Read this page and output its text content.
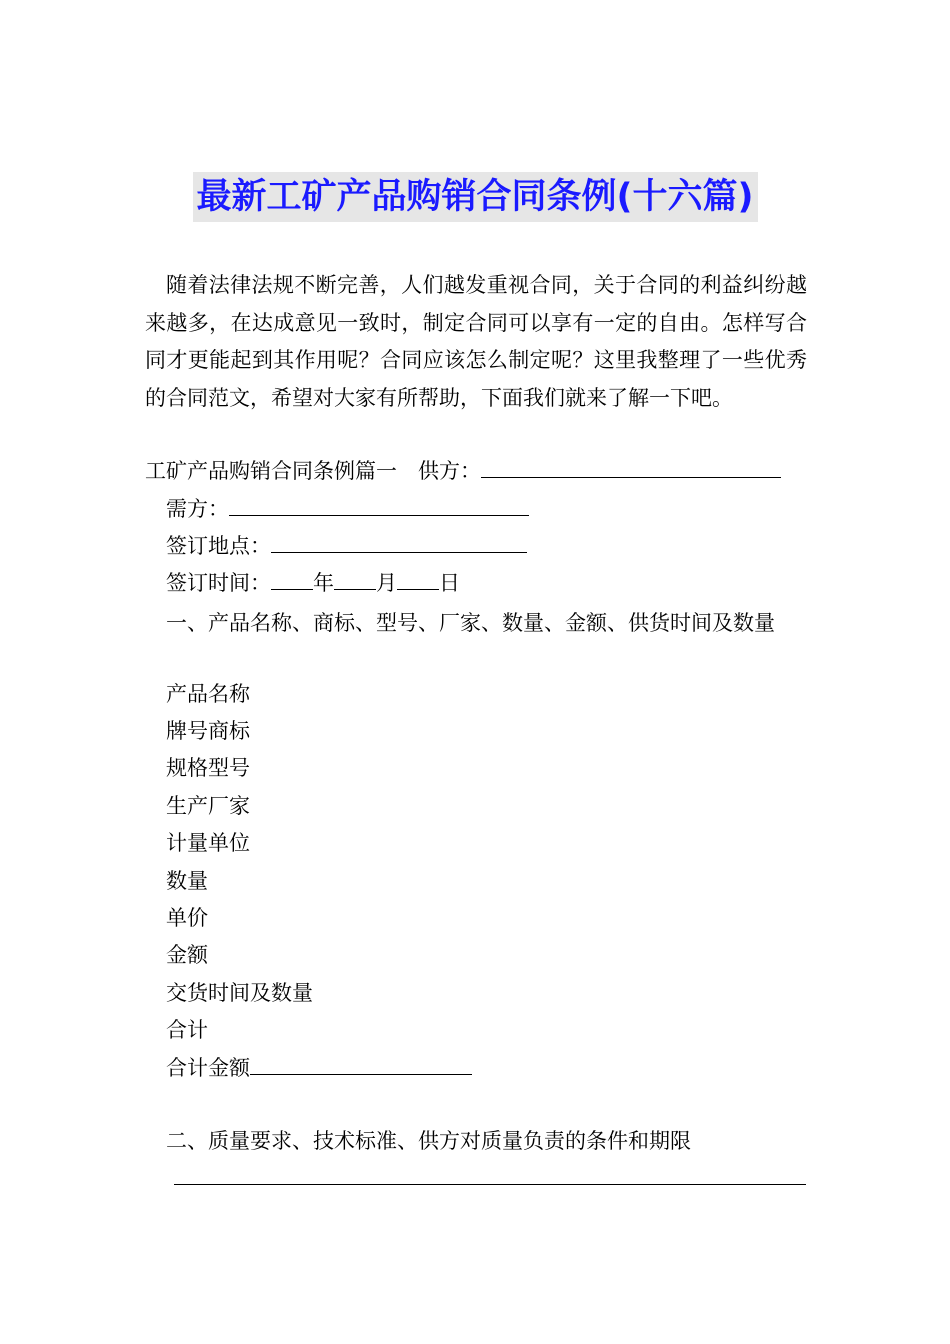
最新工矿产品购销合同条例(十六篇)
随着法律法规不断完善，人们越发重视合同，关于合同的利益纠纷越来越多，在达成意见一致时，制定合同可以享有一定的自由。怎样写合同才更能起到其作用呢？合同应该怎么制定呢？这里我整理了一些优秀的合同范文，希望对大家有所帮助，下面我们就来了解一下吧。
工矿产品购销合同条例篇一 供方：
需方：
签订地点：
签订时间： 年 月 日
一、产品名称、商标、型号、厂家、数量、金额、供货时间及数量
产品名称
牌号商标
规格型号
生产厂家
计量单位
数量
单价
金额
交货时间及数量
合计
合计金额
二、质量要求、技术标准、供方对质量负责的条件和期限
